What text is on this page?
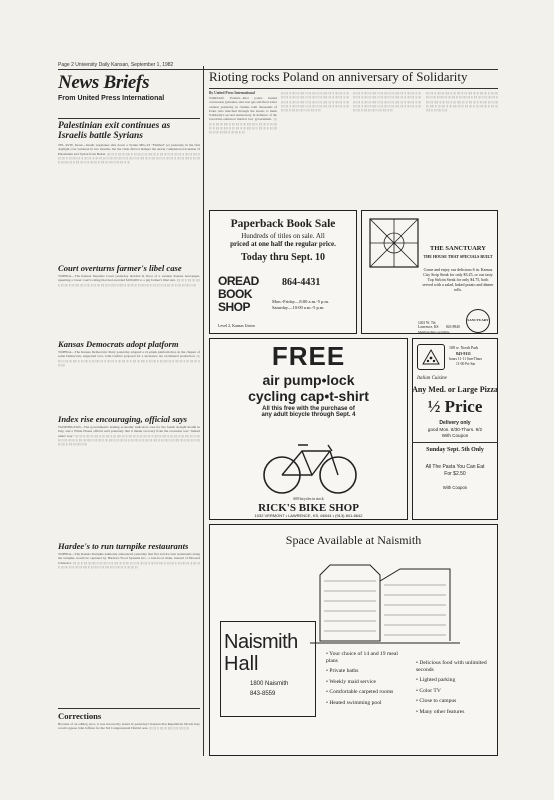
Page 2 University Daily Kansan, September 1, 1982
News Briefs
From United Press International
Palestinian exit continues as Israelis battle Syrians
TEL AVIV, Israel—Israeli warplanes shot down a Syrian MiG-23 "Fishbed" jet yesterday in the first dogfight over Lebanon in two months, but the clash did not hamper the nearly completed evacuation of Palestinian and Syrian from Beirut. ||||| |||| ||| ||||| |||| |||||| ||| |||| ||||| ||| |||| |||||| |||| ||| ||||| |||| ||| |||| ||||| |||| ||| ||||| |||| |||||| ||| |||| ||||| ||| |||| |||||| |||| ||| ||||| |||| ||| |||| ||||| |||| ||| ||||| |||| |||||| ||| |||| ||||| ||| |||| |||||| |||| ||| ||||| |||| ||| |||| ||||| |||| ||| ||||| |||| |||||| ||| |||| ||||| ||| |||| |||||| |||| ||| ||||| |||| ||| |||| ||||| |||| ||| ||||| |||| |||||| ||| |||| ||||| ||| ||||
Court overturns farmer's libel case
TOPEKA—The Kansas Supreme Court yesterday decided in favor of a western Kansas newspaper, upsetting a lower court's ruling that had awarded $100,000 to a pig farmer's libel suit. ||||| |||| ||| ||||| |||| |||||| ||| |||| ||||| ||| |||| |||||| |||| ||| ||||| |||| ||| |||| ||||| |||| ||| ||||| |||| |||||| ||| |||| ||||| ||| |||| |||||| |||| ||| ||||| |||| ||| |||| ||||| |||| ||| ||||| |||| |||||| ||| ||||
Kansas Democrats adopt platform
TOPEKA—The Kansas Democratic Party yesterday adopted a 21-plank platform that, in the chapter of some Democrats, supported Gov. John Carlin's proposal for a severance tax on mineral production. ||||| |||| ||| ||||| |||| |||||| ||| |||| ||||| ||| |||| |||||| |||| ||| ||||| |||| ||| |||| ||||| |||| ||| ||||| |||| |||||| ||| |||| ||||| ||| |||| |||||| |||| ||| ||||| |||| ||| |||| ||||| |||| ||| ||||| ||||
Index rise encouraging, official says
WASHINGTON—The government's leading economic indicators rose for the fourth straight month in July, and a White House official said yesterday that it meant recovery from the recession was "indeed under way." ||||| |||| ||| ||||| |||| |||||| ||| |||| ||||| ||| |||| |||||| |||| ||| ||||| |||| ||| |||| ||||| |||| ||| ||||| |||| |||||| ||| |||| ||||| ||| |||| |||||| |||| ||| ||||| |||| ||| |||| ||||| |||| ||| ||||| |||| |||||| ||| |||| ||||| ||| |||| |||||| |||| ||| ||||| |||| ||| |||| ||||| |||| ||| ||||| |||| |||||| ||| |||| ||||| ||| |||| |||||| |||| ||| ||||| |||| ||| |||| ||||| |||| ||| ||||| |||| |||||| ||| ||||
Hardee's to run turnpike restaurants
TOPEKA—The Kansas Turnpike Authority announced yesterday that five service area restaurants along the turnpike would be operated by Hardee's Food Systems Inc., a fast-food chain, instead of Howard Johnson's. ||||| |||| ||| ||||| |||| |||||| ||| |||| ||||| ||| |||| |||||| |||| ||| ||||| |||| ||| |||| ||||| |||| ||| ||||| |||| |||||| ||| |||| ||||| ||| |||| |||||| |||| ||| ||||| |||| ||| |||| ||||| |||| ||| ||||| |||| |||||| ||| |||| ||||| ||| |||| |||||| |||| ||| ||||| |||| ||| |||| ||||| ||||
Corrections
Because of an editing error, it was incorrectly stated in yesterday's Kansan that Republican Morris Kay would oppose John Jeffries for the 3rd Congressional District seat. ||||| |||| ||| ||||| |||| |||||| ||| |||| ||||| ||| ||||
Rioting rocks Poland on anniversary of Solidarity
By United Press International
WARSAW, Poland—Riot police hurled concussion grenades, shot tear gas and fired water cannon yesterday in clashes with thousands of Poles who marched through the streets to mark Solidarity's second anniversary in defiance of the loved-but-outlawed martial law government. ||||| |||| ||| ||||| |||| |||||| ||| |||| ||||| ||| |||| |||||| |||| ||| ||||| |||| ||| |||| ||||| |||| ||| ||||| |||| |||||| ||| |||| ||||| ||| |||| |||||| |||| ||| ||||| |||| ||| |||| ||||| |||| ||| ||||| |||| |||||| ||| |||| ||||| ||| ||||
||||| |||| ||| ||||| |||| |||||| ||| |||| ||||| ||| |||| |||||| |||| ||| ||||| |||| ||| |||| ||||| |||| ||| ||||| |||| |||||| ||| |||| ||||| ||| |||| |||||| |||| ||| ||||| |||| ||| |||| ||||| |||| ||| ||||| |||| |||||| ||| |||| ||||| ||| |||| |||||| |||| ||| ||||| |||| ||| |||| ||||| |||| ||| ||||| |||| |||||| ||| |||| ||||| ||| |||| |||||| |||| ||| ||||| |||| ||| |||| ||||| |||| ||| ||||| |||| |||||| ||| |||| ||||| ||| ||||
||||| |||| ||| ||||| |||| |||||| ||| |||| ||||| ||| |||| |||||| |||| ||| ||||| |||| ||| |||| ||||| |||| ||| ||||| |||| |||||| ||| |||| ||||| ||| |||| |||||| |||| ||| ||||| |||| ||| |||| ||||| |||| ||| ||||| |||| |||||| ||| |||| ||||| ||| |||| |||||| |||| ||| ||||| |||| ||| |||| ||||| |||| ||| ||||| |||| |||||| ||| |||| ||||| ||| |||| |||||| |||| ||| ||||| |||| ||| |||| ||||| |||| ||| ||||| |||| |||||| ||| |||| ||||| ||| ||||
||||| |||| ||| ||||| |||| |||||| ||| |||| ||||| ||| |||| |||||| |||| ||| ||||| |||| ||| |||| ||||| |||| ||| ||||| |||| |||||| ||| |||| ||||| ||| |||| |||||| |||| ||| ||||| |||| ||| |||| ||||| |||| ||| ||||| |||| |||||| ||| |||| ||||| ||| |||| |||||| |||| ||| ||||| |||| ||| |||| ||||| |||| ||| ||||| |||| |||||| ||| |||| ||||| ||| |||| |||||| |||| ||| ||||| |||| ||| |||| ||||| |||| ||| ||||| |||| |||||| ||| |||| ||||| ||| ||||
Paperback Book Sale
Hundreds of titles on sale. All
priced at one half the regular price.
Today thru Sept. 10
OREAD
BOOK
SHOP
864-4431
Mon.-Friday—8:00 a.m.-5 p.m.
Saturday—10:00 a.m.-5 p.m.
Level 2, Kansas Union
THE SANCTUARY
THE HOUSE THAT SPECIALS BUILT
Come and enjoy our delicious 6 in. Kansas City Strip Steak for only $3.25, or our tasty Top Sirloin Steak for only $4.75, both served with a salad, baked potato and dinner rolls.
1401 W. 7th
Lawrence, KS 843-8940
Memberships available
SANCTUARY
FREE
air pump•lock
cycling cap•t-shirt
All this free with the purchase of
any adult bicycle through Sept. 4
600 bicycles in stock
RICK'S BIKE SHOP
1032 VERMONT • LAWRENCE, KS. 66044 • (913) 841-6642
108 w. North Park
843-9111
hours 11-11 Sun-Thurs
11-00 Fri-Sat
Italian Cuisine
Any Med. or Large Pizza
½ Price
Delivery only
good Mon. 8/30-Thurs. 9/2
With Coupon
Sunday Sept. 5th Only
All The Pasta You Can Eat
For $2.50
With Coupon
Space Available at Naismith
Naismith
Hall
1800 Naismith
843-8559
• Your choice of 14 and 19 meal plans
• Private baths
• Weekly maid service
• Comfortable carpeted rooms
• Heated swimming pool
• Delicious food with unlimited seconds
• Lighted parking
• Color TV
• Close to campus
• Many other features
